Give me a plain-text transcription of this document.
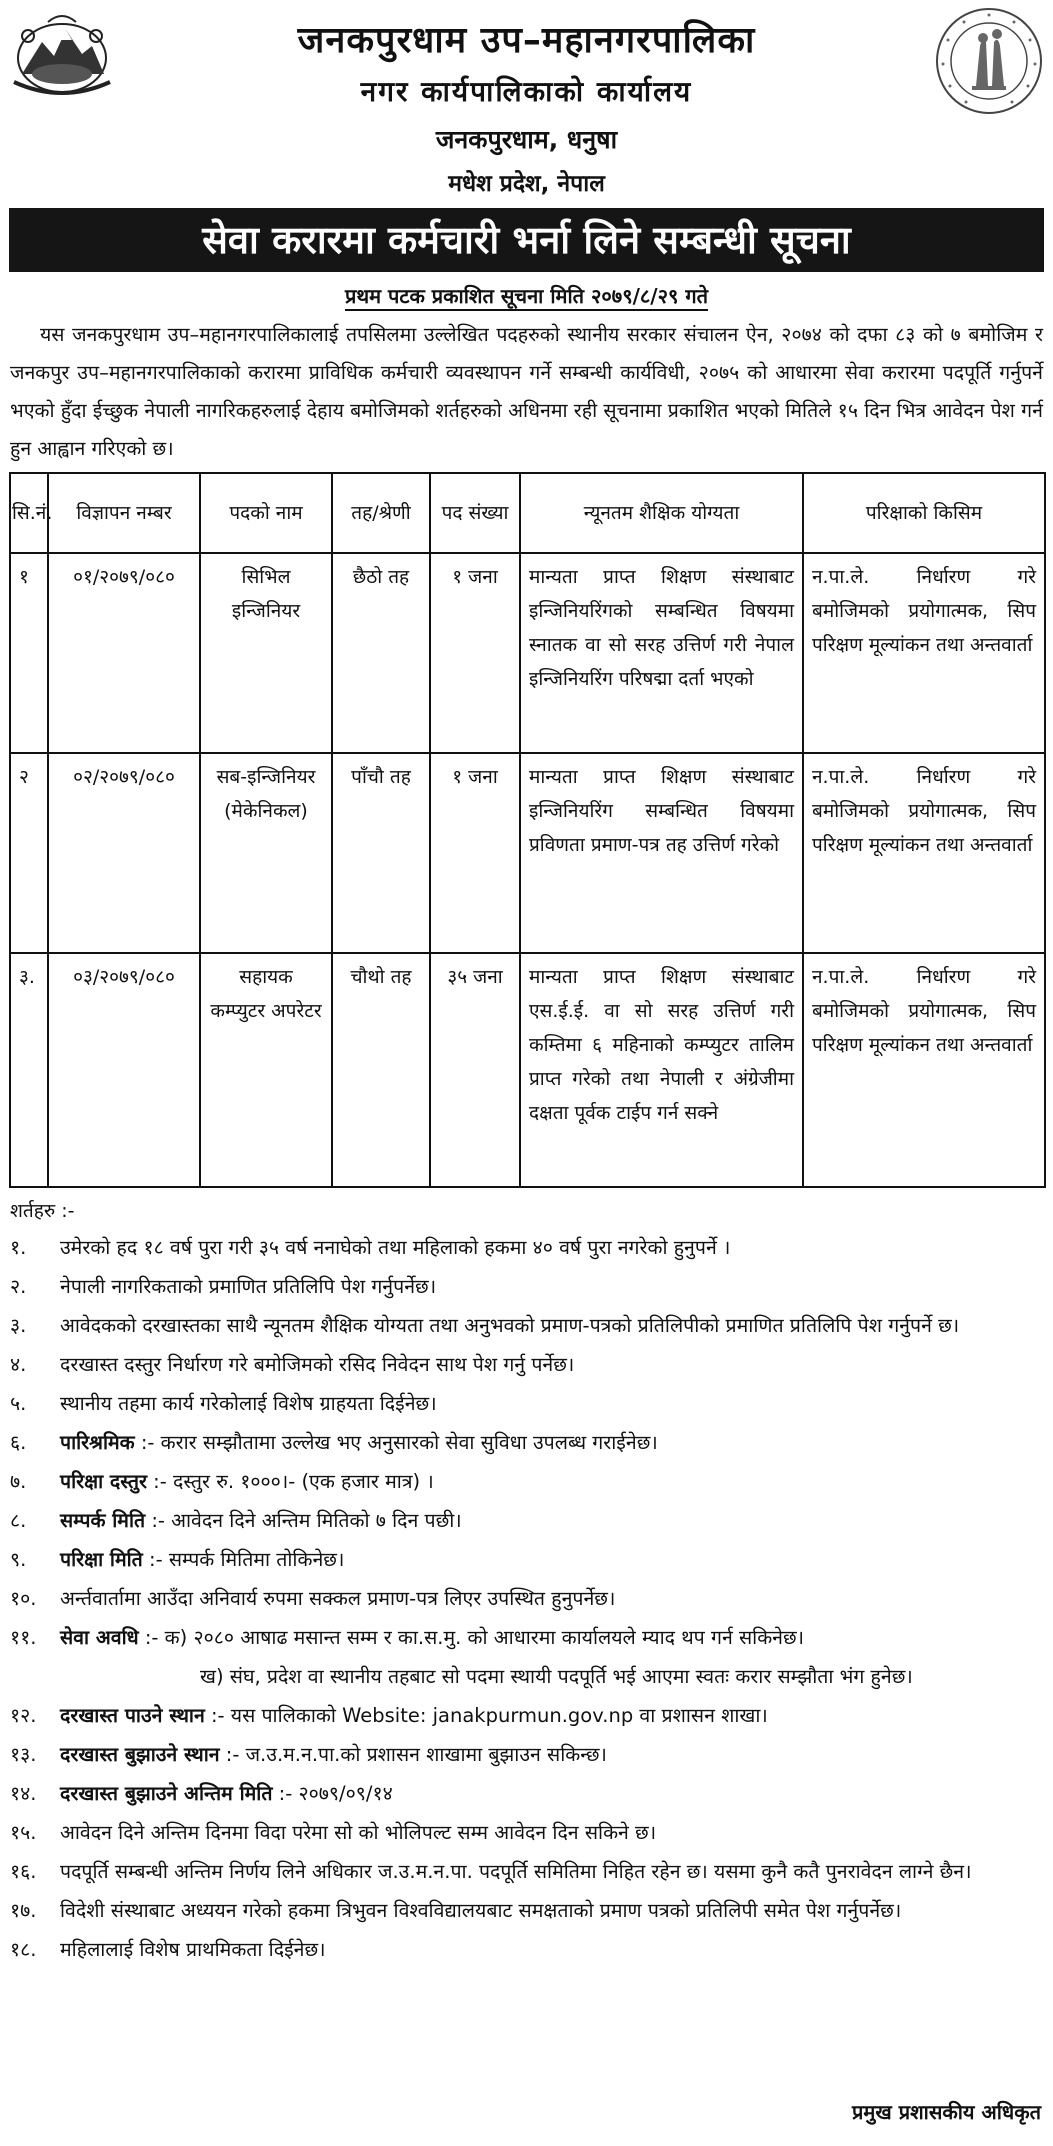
जनकपुरधाम उप–महानगरपालिका
नगर कार्यपालिकाको कार्यालय
जनकपुरधाम, धनुषा
मधेश प्रदेश, नेपाल
सेवा करारमा कर्मचारी भर्ना लिने सम्बन्धी सूचना
प्रथम पटक प्रकाशित सूचना मिति २०७९/८/२९ गते

यस जनकपुरधाम उप–महानगरपालिकालाई तपसिलमा उल्लेखित पदहरुको स्थानीय सरकार संचालन ऐन, २०७४ को दफा ८३ को ७ बमोजिम र जनकपुर उप–महानगरपालिकाको करारमा प्राविधिक कर्मचारी व्यवस्थापन गर्ने सम्बन्धी कार्यविधी, २०७५ को आधारमा सेवा करारमा पदपूर्ति गर्नुपर्ने भएको हुँदा ईच्छुक नेपाली नागरिकहरुलाई देहाय बमोजिमको शर्तहरुको अधिनमा रही सूचनामा प्रकाशित भएको मितिले १५ दिन भित्र आवेदन पेश गर्न हुन आह्वान गरिएको छ।

सि.नं.	विज्ञापन नम्बर	पदको नाम	तह/श्रेणी	पद संख्या	न्यूनतम शैक्षिक योग्यता	परिक्षाको किसिम
१	०१/२०७९/०८०	सिभिल इन्जिनियर	छैठो तह	१ जना	मान्यता प्राप्त शिक्षण संस्थाबाट इन्जिनियरिंगको सम्बन्धित विषयमा स्नातक वा सो सरह उत्तिर्ण गरी नेपाल इन्जिनियरिंग परिषद्मा दर्ता भएको	न.पा.ले. निर्धारण गरे बमोजिमको प्रयोगात्मक, सिप परिक्षण मूल्यांकन तथा अन्तवार्ता
२	०२/२०७९/०८०	सब-इन्जिनियर (मेकेनिकल)	पाँचौ तह	१ जना	मान्यता प्राप्त शिक्षण संस्थाबाट इन्जिनियरिंग सम्बन्धित विषयमा प्रविणता प्रमाण-पत्र तह उत्तिर्ण गरेको	न.पा.ले. निर्धारण गरे बमोजिमको प्रयोगात्मक, सिप परिक्षण मूल्यांकन तथा अन्तवार्ता
३.	०३/२०७९/०८०	सहायक कम्प्युटर अपरेटर	चौथो तह	३५ जना	मान्यता प्राप्त शिक्षण संस्थाबाट एस.ई.ई. वा सो सरह उत्तिर्ण गरी कम्तिमा ६ महिनाको कम्प्युटर तालिम प्राप्त गरेको तथा नेपाली र अंग्रेजीमा दक्षता पूर्वक टाईप गर्न सक्ने	न.पा.ले. निर्धारण गरे बमोजिमको प्रयोगात्मक, सिप परिक्षण मूल्यांकन तथा अन्तवार्ता
शर्तहरु :-
१. उमेरको हद १८ वर्ष पुरा गरी ३५ वर्ष ननाघेको तथा महिलाको हकमा ४० वर्ष पुरा नगरेको हुनुपर्ने ।
२. नेपाली नागरिकताको प्रमाणित प्रतिलिपि पेश गर्नुपर्नेछ।
३. आवेदकको दरखास्तका साथै न्यूनतम शैक्षिक योग्यता तथा अनुभवको प्रमाण-पत्रको प्रतिलिपीको प्रमाणित प्रतिलिपि पेश गर्नुपर्ने छ।
४. दरखास्त दस्तुर निर्धारण गरे बमोजिमको रसिद निवेदन साथ पेश गर्नु पर्नेछ।
५. स्थानीय तहमा कार्य गरेकोलाई विशेष ग्राहयता दिईनेछ।
६. पारिश्रमिक :- करार सम्झौतामा उल्लेख भए अनुसारको सेवा सुविधा उपलब्ध गराईनेछ।
७. परिक्षा दस्तुर :- दस्तुर रु. १०००।- (एक हजार मात्र) ।
८. सम्पर्क मिति :- आवेदन दिने अन्तिम मितिको ७ दिन पछी।
९. परिक्षा मिति :- सम्पर्क मितिमा तोकिनेछ।
१०. अर्न्तवार्तामा आउँदा अनिवार्य रुपमा सक्कल प्रमाण-पत्र लिएर उपस्थित हुनुपर्नेछ।
११. सेवा अवधि :- क) २०८० आषाढ मसान्त सम्म र का.स.मु. को आधारमा कार्यालयले म्याद थप गर्न सकिनेछ।
ख) संघ, प्रदेश वा स्थानीय तहबाट सो पदमा स्थायी पदपूर्ति भई आएमा स्वतः करार सम्झौता भंग हुनेछ।
१२. दरखास्त पाउने स्थान :- यस पालिकाको Website: janakpurmun.gov.np वा प्रशासन शाखा।
१३. दरखास्त बुझाउने स्थान :- ज.उ.म.न.पा.को प्रशासन शाखामा बुझाउन सकिन्छ।
१४. दरखास्त बुझाउने अन्तिम मिति :- २०७९/०९/१४
१५. आवेदन दिने अन्तिम दिनमा विदा परेमा सो को भोलिपल्ट सम्म आवेदन दिन सकिने छ।
१६. पदपूर्ति सम्बन्धी अन्तिम निर्णय लिने अधिकार ज.उ.म.न.पा. पदपूर्ति समितिमा निहित रहेन छ। यसमा कुनै कतै पुनरावेदन लाग्ने छैन।
१७. विदेशी संस्थाबाट अध्ययन गरेको हकमा त्रिभुवन विश्वविद्यालयबाट समक्षताको प्रमाण पत्रको प्रतिलिपी समेत पेश गर्नुपर्नेछ।
१८. महिलालाई विशेष प्राथमिकता दिईनेछ।
प्रमुख प्रशासकीय अधिकृत
